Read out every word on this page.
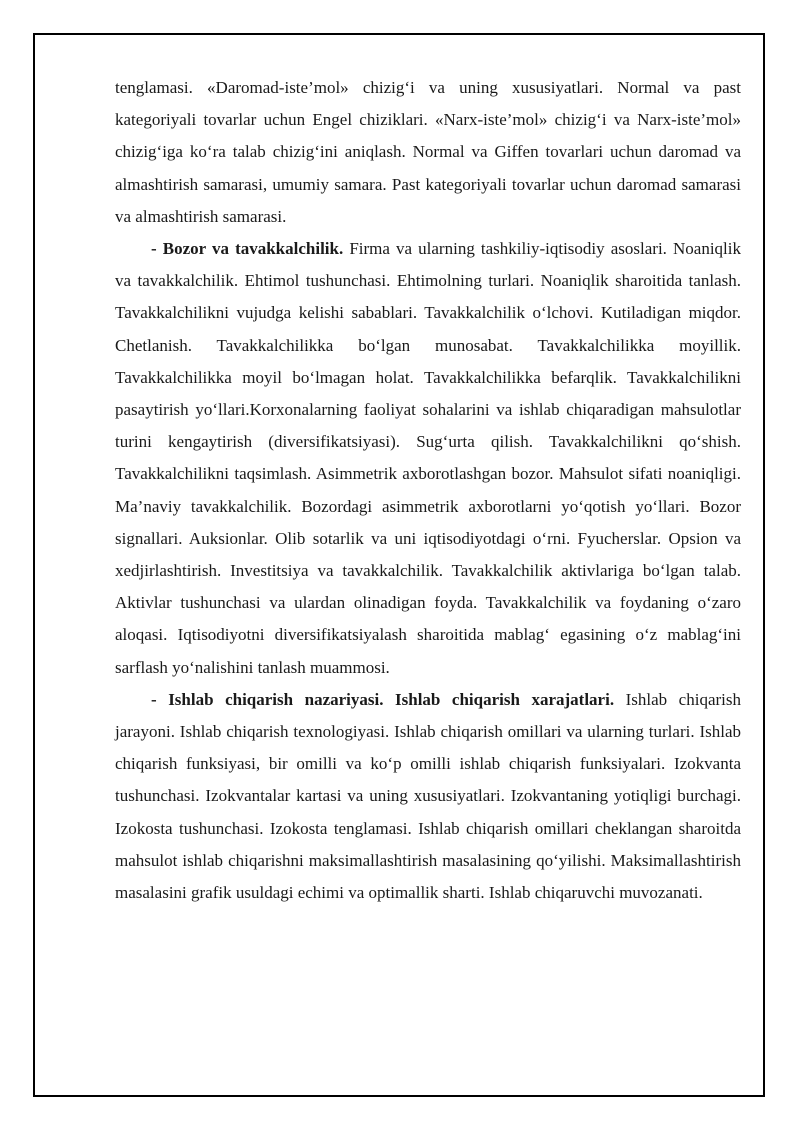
tenglamasi. «Daromad-iste’mol» chizig‘i va uning xususiyatlari. Normal va past kategoriyali tovarlar uchun Engel chiziklari. «Narx-iste’mol» chizig‘i va Narx-iste’mol» chizig‘iga ko‘ra talab chizig‘ini aniqlash. Normal va Giffen tovarlari uchun daromad va almashtirish samarasi, umumiy samara. Past kategoriyali tovarlar uchun daromad samarasi va almashtirish samarasi.

- Bozor va tavakkalchilik. Firma va ularning tashkiliy-iqtisodiy asoslari. Noaniqlik va tavakkalchilik. Ehtimol tushunchasi. Ehtimolning turlari. Noaniqlik sharoitida tanlash. Tavakkalchilikni vujudga kelishi sabablari. Tavakkalchilik o‘lchovi. Kutiladigan miqdor. Chetlanish. Tavakkalchilikka bo‘lgan munosabat. Tavakkalchilikka moyillik. Tavakkalchilikka moyil bo‘lmagan holat. Tavakkalchilikka befarqlik. Tavakkalchilikni pasaytirish yo‘llari.Korxonalarning faoliyat sohalarini va ishlab chiqaradigan mahsulotlar turini kengaytirish (diversifikatsiyasi). Sug‘urta qilish. Tavakkalchilikni qo‘shish. Tavakkalchilikni taqsimlash. Asimmetrik axborotlashgan bozor. Mahsulot sifati noaniqligi. Ma’naviy tavakkalchilik. Bozordagi asimmetrik axborotlarni yo‘qotish yo‘llari. Bozor signallari. Auksionlar. Olib sotarlik va uni iqtisodiyotdagi o‘rni. Fyucherslar. Opsion va xedjirlashtirish. Investitsiya va tavakkalchilik. Tavakkalchilik aktivlariga bo‘lgan talab. Aktivlar tushunchasi va ulardan olinadigan foyda. Tavakkalchilik va foydaning o‘zaro aloqasi. Iqtisodiyotni diversifikatsiyalash sharoitida mablag‘ egasining o‘z mablag‘ini sarflash yo‘nalishini tanlash muammosi.

- Ishlab chiqarish nazariyasi. Ishlab chiqarish xarajatlari. Ishlab chiqarish jarayoni. Ishlab chiqarish texnologiyasi. Ishlab chiqarish omillari va ularning turlari. Ishlab chiqarish funksiyasi, bir omilli va ko‘p omilli ishlab chiqarish funksiyalari. Izokvanta tushunchasi. Izokvantalar kartasi va uning xususiyatlari. Izokvantaning yotiqligi burchagi. Izokosta tushunchasi. Izokosta tenglamasi. Ishlab chiqarish omillari cheklangan sharoitda mahsulot ishlab chiqarishni maksimallashtirish masalasining qo‘yilishi. Maksimallashtirish masalasini grafik usuldagi echimi va optimallik sharti. Ishlab chiqaruvchi muvozanati.
